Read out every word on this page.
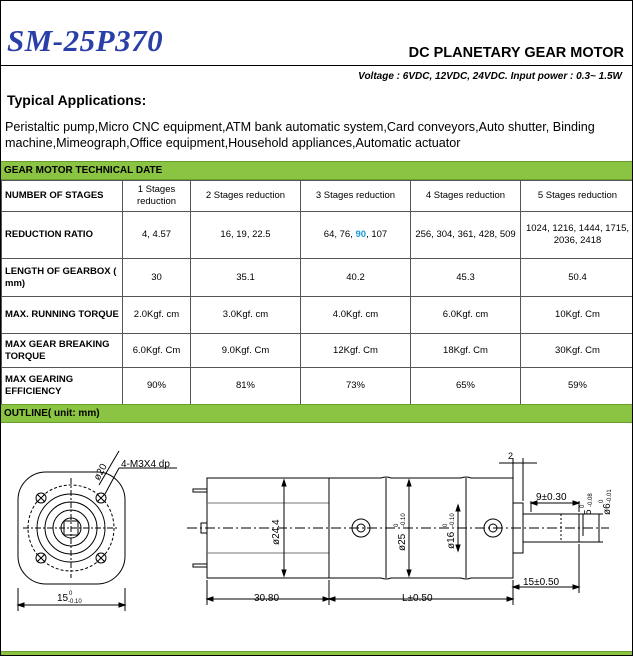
SM-25P370	DC PLANETARY GEAR MOTOR
Voltage : 6VDC, 12VDC, 24VDC. Input power : 0.3~ 1.5W
Typical Applications:
Peristaltic pump,Micro CNC equipment,ATM bank automatic system,Card conveyors,Auto shutter, Binding machine,Mimeograph,Office equipment,Household appliances,Automatic actuator
GEAR MOTOR TECHNICAL DATE
NUMBER OF STAGES	1 Stages reduction	2 Stages reduction	3 Stages reduction	4 Stages reduction	5 Stages reduction
REDUCTION RATIO	4, 4.57	16, 19, 22.5	64, 76, 90, 107	256, 304, 361, 428, 509	1024, 1216, 1444, 1715, 2036, 2418
LENGTH OF GEARBOX ( mm)	30	35.1	40.2	45.3	50.4
MAX. RUNNING TORQUE	2.0Kgf. cm	3.0Kgf. cm	4.0Kgf. cm	6.0Kgf. cm	10Kgf. Cm
MAX GEAR BREAKING TORQUE	6.0Kgf. Cm	9.0Kgf. Cm	12Kgf. Cm	18Kgf. Cm	30Kgf. Cm
MAX GEARING EFFICIENCY	90%	81%	73%	65%	59%
OUTLINE( unit: mm)
4-M3X4 dp
ø20
15 0
-0.10	30.80	L±0.50
ø24.4	ø25
-0.10
0
ø16
-0.10
0
9±0.30
15±0.50
2
5
0 -0.08
ø6
0 -0.01
